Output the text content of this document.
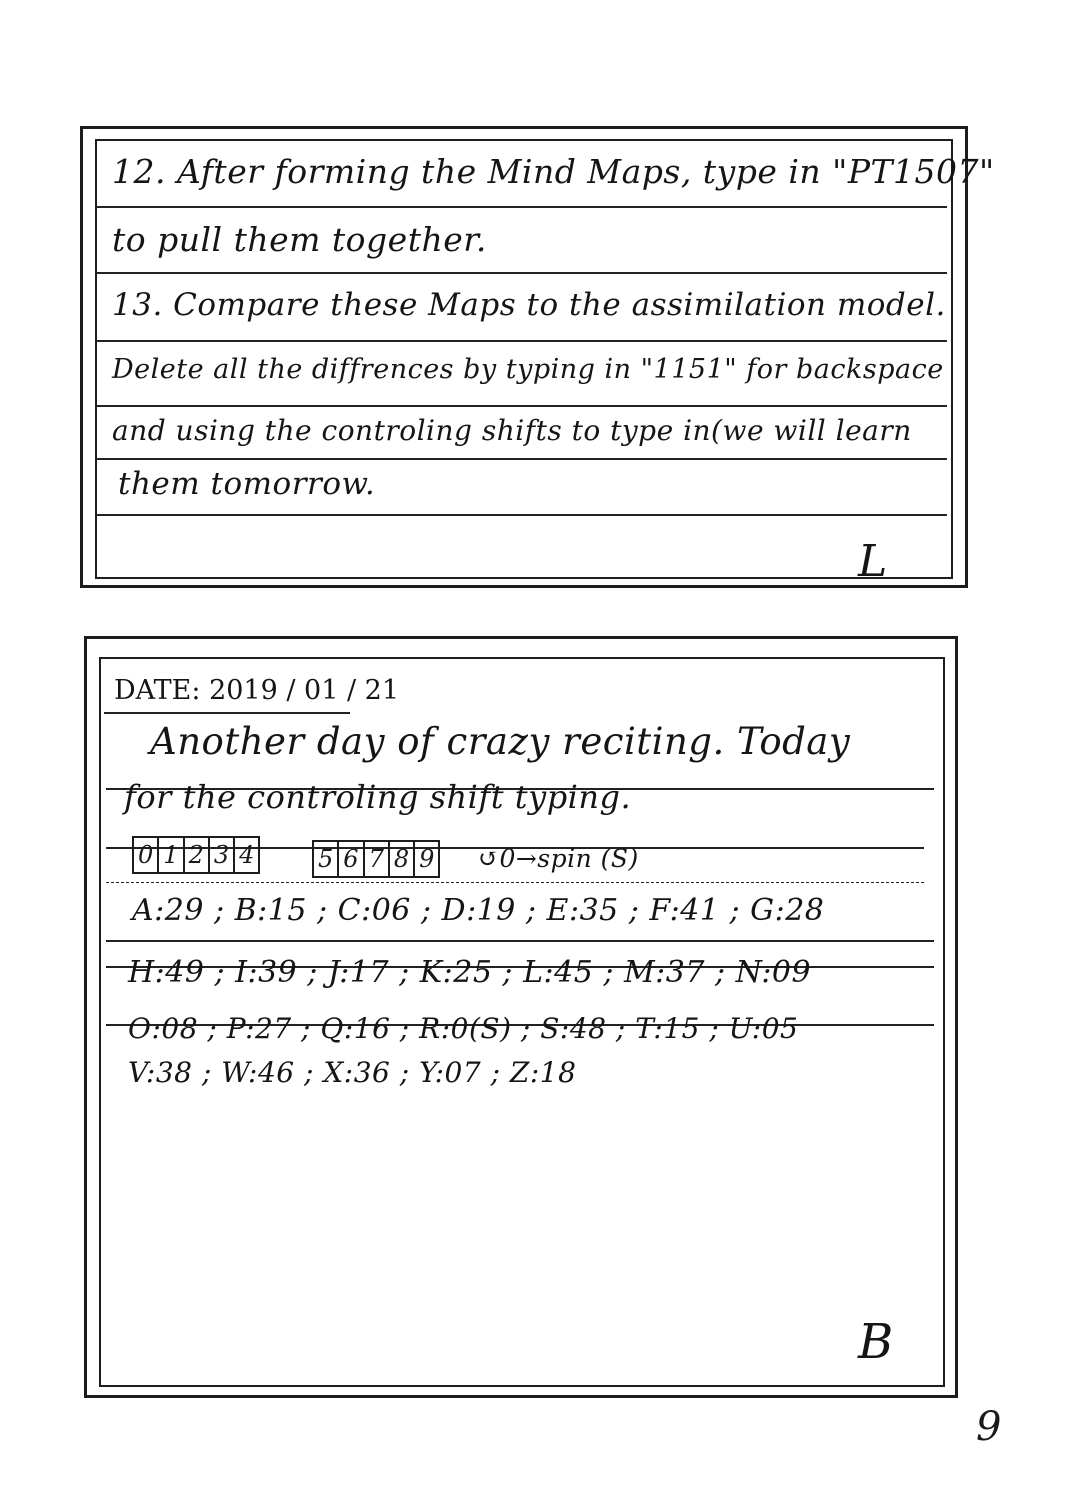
12. After forming the Mind Maps, type in "PT1507"
to pull them together.
13. Compare these Maps to the assimilation model.
Delete all the diffrences by typing in "1151" for backspace
and using the controling shifts to type in(we will learn
them tomorrow.
L
DATE: 2019 / 01 / 21
Another day of crazy reciting. Today
for the controling shift typing.
0 1 2 3 4	5 6 7 8 9 ↺0→spin (S)
A:29 ; B:15 ; C:06 ; D:19 ; E:35 ; F:41 ; G:28
H:49 ; I:39 ; J:17 ; K:25 ; L:45 ; M:37 ; N:09
O:08 ; P:27 ; Q:16 ; R:0(S) ; S:48 ; T:15 ; U:05
V:38 ; W:46 ; X:36 ; Y:07 ; Z:18
B
9
